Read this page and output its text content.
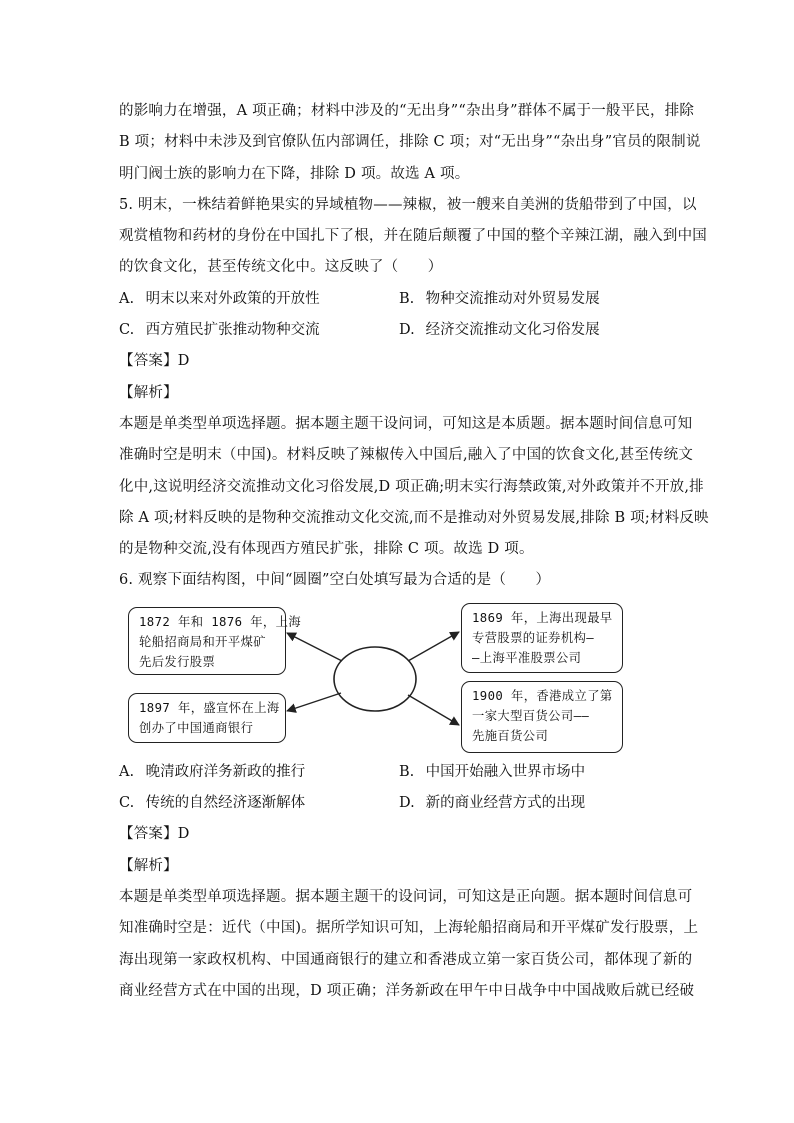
的影响力在增强，A 项正确；材料中涉及的“无出身”“杂出身”群体不属于一般平民，排除
B 项；材料中未涉及到官僚队伍内部调任，排除 C 项；对“无出身”“杂出身”官员的限制说
明门阀士族的影响力在下降，排除 D 项。故选 A 项。
5. 明末，一株结着鲜艳果实的异域植物——辣椒，被一艘来自美洲的货船带到了中国，以
观赏植物和药材的身份在中国扎下了根，并在随后颠覆了中国的整个辛辣江湖，融入到中国
的饮食文化，甚至传统文化中。这反映了（　　）
A. 明末以来对外政策的开放性	B. 物种交流推动对外贸易发展
C. 西方殖民扩张推动物种交流	D. 经济交流推动文化习俗发展
【答案】D
【解析】
本题是单类型单项选择题。据本题主题干设问词，可知这是本质题。据本题时间信息可知
准确时空是明末（中国)。材料反映了辣椒传入中国后,融入了中国的饮食文化,甚至传统文
化中,这说明经济交流推动文化习俗发展,D 项正确;明末实行海禁政策,对外政策并不开放,排
除 A 项;材料反映的是物种交流推动文化交流,而不是推动对外贸易发展,排除 B 项;材料反映
的是物种交流,没有体现西方殖民扩张，排除 C 项。故选 D 项。
6. 观察下面结构图，中间“圆圈”空白处填写最为合适的是（　　）
1872 年和 1876 年，上海
轮船招商局和开平煤矿
先后发行股票
1897 年，盛宣怀在上海
创办了中国通商银行
1869 年，上海出现最早
专营股票的证券机构—
—上海平准股票公司
1900 年，香港成立了第
一家大型百货公司——
先施百货公司
A. 晚清政府洋务新政的推行	B. 中国开始融入世界市场中
C. 传统的自然经济逐渐解体	D. 新的商业经营方式的出现
【答案】D
【解析】
本题是单类型单项选择题。据本题主题干的设问词，可知这是正向题。据本题时间信息可
知准确时空是：近代（中国)。据所学知识可知，上海轮船招商局和开平煤矿发行股票，上
海出现第一家政权机构、中国通商银行的建立和香港成立第一家百货公司，都体现了新的
商业经营方式在中国的出现，D 项正确；洋务新政在甲午中日战争中中国战败后就已经破
